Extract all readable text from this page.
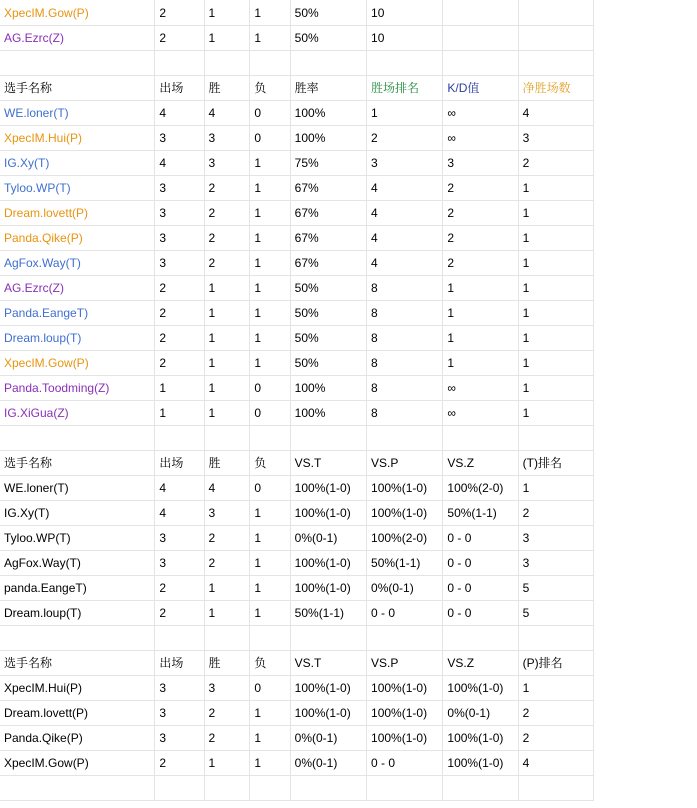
XpecIM.Gow(P)	2	1	1	50%	10		
AG.Ezrc(Z)	2	1	1	50%	10		

选手名称	出场	胜	负	胜率	胜场排名	K/D值	净胜场数
WE.loner(T)	4	4	0	100%	1	∞	4
XpecIM.Hui(P)	3	3	0	100%	2	∞	3
IG.Xy(T)	4	3	1	75%	3	3	2
Tyloo.WP(T)	3	2	1	67%	4	2	1
Dream.lovett(P)	3	2	1	67%	4	2	1
Panda.Qike(P)	3	2	1	67%	4	2	1
AgFox.Way(T)	3	2	1	67%	4	2	1
AG.Ezrc(Z)	2	1	1	50%	8	1	1
Panda.EangeT)	2	1	1	50%	8	1	1
Dream.loup(T)	2	1	1	50%	8	1	1
XpecIM.Gow(P)	2	1	1	50%	8	1	1
Panda.Toodming(Z)	1	1	0	100%	8	∞	1
IG.XiGua(Z)	1	1	0	100%	8	∞	1

选手名称	出场	胜	负	VS.T	VS.P	VS.Z	(T)排名
WE.loner(T)	4	4	0	100%(1-0)	100%(1-0)	100%(2-0)	1
IG.Xy(T)	4	3	1	100%(1-0)	100%(1-0)	50%(1-1)	2
Tyloo.WP(T)	3	2	1	0%(0-1)	100%(2-0)	0 - 0	3
AgFox.Way(T)	3	2	1	100%(1-0)	50%(1-1)	0 - 0	3
panda.EangeT)	2	1	1	100%(1-0)	0%(0-1)	0 - 0	5
Dream.loup(T)	2	1	1	50%(1-1)	0 - 0	0 - 0	5

选手名称	出场	胜	负	VS.T	VS.P	VS.Z	(P)排名
XpecIM.Hui(P)	3	3	0	100%(1-0)	100%(1-0)	100%(1-0)	1
Dream.lovett(P)	3	2	1	100%(1-0)	100%(1-0)	0%(0-1)	2
Panda.Qike(P)	3	2	1	0%(0-1)	100%(1-0)	100%(1-0)	2
XpecIM.Gow(P)	2	1	1	0%(0-1)	0 - 0	100%(1-0)	4
